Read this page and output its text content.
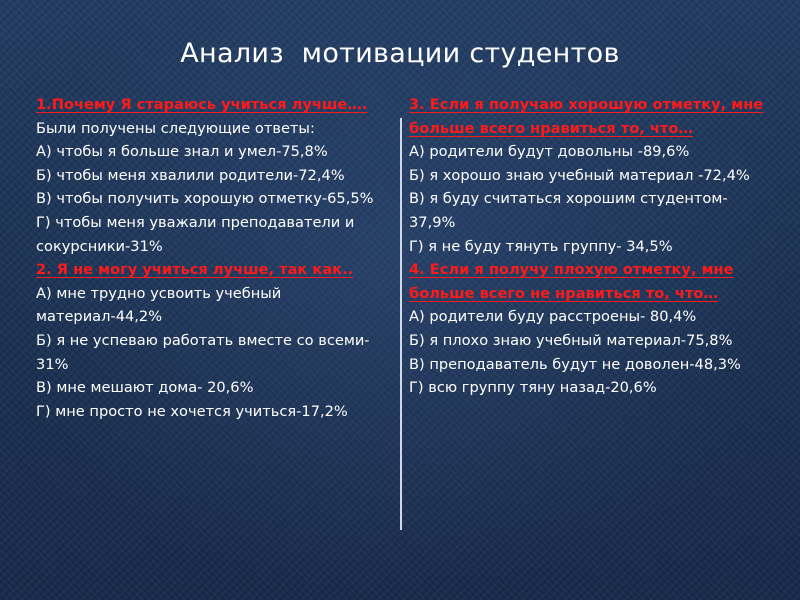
Анализ  мотивации студентов

1.Почему Я стараюсь учиться лучше….

Были получены следующие ответы:

А) чтобы я больше знал и умел-75,8%

Б) чтобы меня хвалили родители-72,4%

В) чтобы получить хорошую отметку-65,5%

Г) чтобы меня уважали преподаватели и сокурсники-31%

2. Я не могу учиться лучше, так как..

А) мне трудно усвоить учебный материал-44,2%

Б) я не успеваю работать вместе со всеми- 31%

В) мне мешают дома- 20,6%

Г) мне просто не хочется учиться-17,2%

3. Если я получаю хорошую отметку, мне больше всего нравиться то, что…

А) родители будут довольны -89,6%

Б) я хорошо знаю учебный материал -72,4%

В) я буду считаться хорошим студентом- 37,9%

Г) я не буду тянуть группу- 34,5%

4. Если я получу плохую отметку, мне больше всего не нравиться то, что…

А) родители буду расстроены- 80,4%

Б) я плохо знаю учебный материал-75,8%

В) преподаватель будут не доволен-48,3%

Г) всю группу тяну назад-20,6%
